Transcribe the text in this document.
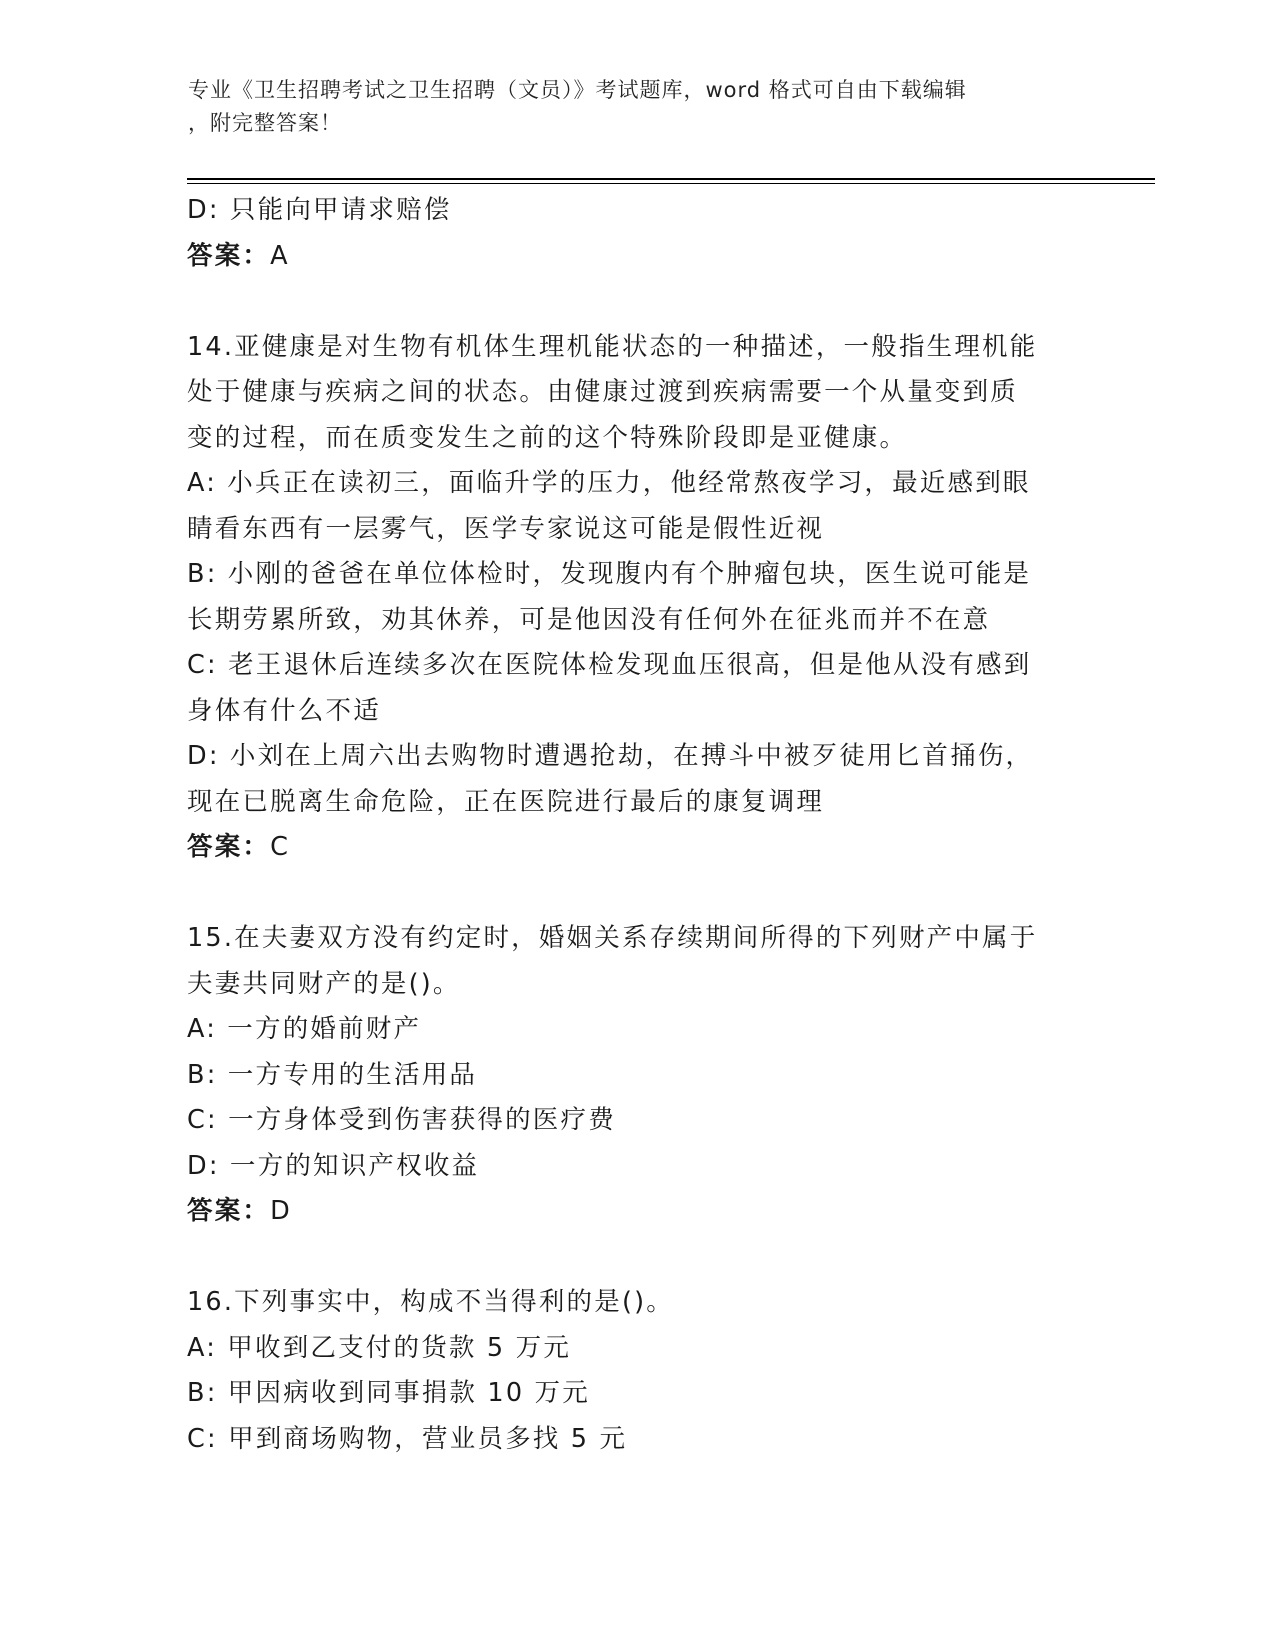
专业《卫生招聘考试之卫生招聘（文员）》考试题库，word 格式可自由下载编辑
，附完整答案！
D: 只能向甲请求赔偿
答案：A
14.亚健康是对生物有机体生理机能状态的一种描述，一般指生理机能
处于健康与疾病之间的状态。由健康过渡到疾病需要一个从量变到质
变的过程，而在质变发生之前的这个特殊阶段即是亚健康。
A: 小兵正在读初三，面临升学的压力，他经常熬夜学习，最近感到眼
睛看东西有一层雾气，医学专家说这可能是假性近视
B: 小刚的爸爸在单位体检时，发现腹内有个肿瘤包块，医生说可能是
长期劳累所致，劝其休养，可是他因没有任何外在征兆而并不在意
C: 老王退休后连续多次在医院体检发现血压很高，但是他从没有感到
身体有什么不适
D: 小刘在上周六出去购物时遭遇抢劫，在搏斗中被歹徒用匕首捅伤，
现在已脱离生命危险，正在医院进行最后的康复调理
答案：C
15.在夫妻双方没有约定时，婚姻关系存续期间所得的下列财产中属于
夫妻共同财产的是()。
A: 一方的婚前财产
B: 一方专用的生活用品
C: 一方身体受到伤害获得的医疗费
D: 一方的知识产权收益
答案：D
16.下列事实中，构成不当得利的是()。
A: 甲收到乙支付的货款 5 万元
B: 甲因病收到同事捐款 10 万元
C: 甲到商场购物，营业员多找 5 元
